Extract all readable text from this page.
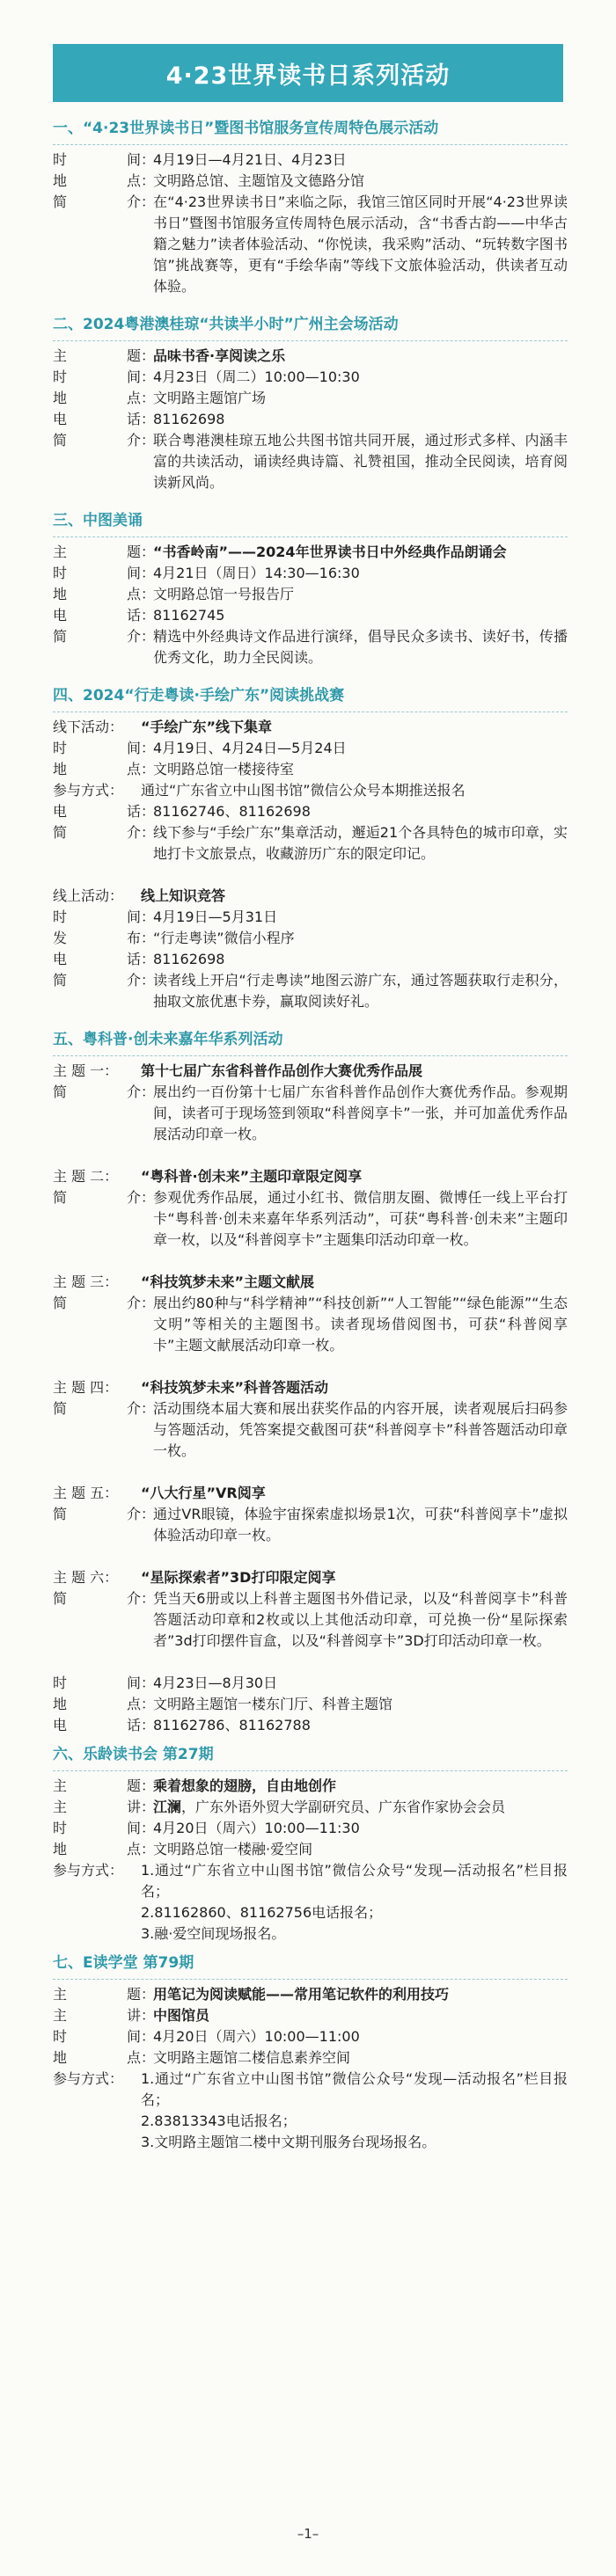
4·23世界读书日系列活动
一、“4·23世界读书日”暨图书馆服务宣传周特色展示活动
时	间 ：
4月19日—4月21日、4月23日
地	点 ：
文明路总馆、主题馆及文德路分馆
简	介 ：
在“4·23世界读书日”来临之际，我馆三馆区同时开展“4·23世界读书日”暨图书馆服务宣传周特色展示活动，含“书香古韵——中华古籍之魅力”读者体验活动、“你悦读，我采购”活动、“玩转数字图书馆”挑战赛等，更有“手绘华南”等线下文旅体验活动，供读者互动体验。
二、2024粤港澳桂琼“共读半小时”广州主会场活动
主	题 ：
品味书香·享阅读之乐
时	间 ：
4月23日（周二）10:00—10:30
地	点 ：
文明路主题馆广场
电	话 ：
81162698
简	介 ：
联合粤港澳桂琼五地公共图书馆共同开展，通过形式多样、内涵丰富的共读活动，诵读经典诗篇、礼赞祖国，推动全民阅读，培育阅读新风尚。
三、中图美诵
主	题 ：
“书香岭南”——2024年世界读书日中外经典作品朗诵会
时	间 ：
4月21日（周日）14:30—16:30
地	点 ：
文明路总馆一号报告厅
电	话 ：
81162745
简	介 ：
精选中外经典诗文作品进行演绎，倡导民众多读书、读好书，传播优秀文化，助力全民阅读。
四、2024“行走粤读·手绘广东”阅读挑战赛
线下活动：	“手绘广东”线下集章
时	间 ：
4月19日、4月24日—5月24日
地	点 ：
文明路总馆一楼接待室
参与方式：	通过“广东省立中山图书馆”微信公众号本期推送报名
电	话 ：
81162746、81162698
简	介 ：
线下参与“手绘广东”集章活动，邂逅21个各具特色的城市印章，实地打卡文旅景点，收藏游历广东的限定印记。
线上活动：	线上知识竞答
时	间 ：
4月19日—5月31日
发	布 ：
“行走粤读”微信小程序
电	话 ：
81162698
简	介 ：
读者线上开启“行走粤读”地图云游广东，通过答题获取行走积分，抽取文旅优惠卡券，赢取阅读好礼。
五、粤科普·创未来嘉年华系列活动
主 题 一：	第十七届广东省科普作品创作大赛优秀作品展
简	介 ：
展出约一百份第十七届广东省科普作品创作大赛优秀作品。参观期间，读者可于现场签到领取“科普阅享卡”一张，并可加盖优秀作品展活动印章一枚。
主 题 二：	“粤科普·创未来”主题印章限定阅享
简	介 ：
参观优秀作品展，通过小红书、微信朋友圈、微博任一线上平台打卡“粤科普·创未来嘉年华系列活动”，可获“粤科普·创未来”主题印章一枚，以及“科普阅享卡”主题集印活动印章一枚。
主 题 三：	“科技筑梦未来”主题文献展
简	介 ：
展出约80种与“科学精神”“科技创新”“人工智能”“绿色能源”“生态文明”等相关的主题图书。读者现场借阅图书，可获“科普阅享卡”主题文献展活动印章一枚。
主 题 四：	“科技筑梦未来”科普答题活动
简	介 ：
活动围绕本届大赛和展出获奖作品的内容开展，读者观展后扫码参与答题活动，凭答案提交截图可获“科普阅享卡”科普答题活动印章一枚。
主 题 五：	“八大行星”VR阅享
简	介 ：
通过VR眼镜，体验宇宙探索虚拟场景1次，可获“科普阅享卡”虚拟体验活动印章一枚。
主 题 六：	“星际探索者”3D打印限定阅享
简	介 ：
凭当天6册或以上科普主题图书外借记录，以及“科普阅享卡”科普答题活动印章和2枚或以上其他活动印章，可兑换一份“星际探索者”3d打印摆件盲盒，以及“科普阅享卡”3D打印活动印章一枚。
时	间 ：
4月23日—8月30日
地	点 ：
文明路主题馆一楼东门厅、科普主题馆
电	话 ：
81162786、81162788
六、乐龄读书会 第27期
主	题 ：
乘着想象的翅膀，自由地创作
主	讲 ：
江澜，广东外语外贸大学副研究员、广东省作家协会会员
时	间 ：
4月20日（周六）10:00—11:30
地	点 ：
文明路总馆一楼融·爱空间
参与方式：	1.通过“广东省立中山图书馆”微信公众号“发现—活动报名”栏目报名；
2.81162860、81162756电话报名；
3.融·爱空间现场报名。
七、E读学堂 第79期
主	题 ：
用笔记为阅读赋能——常用笔记软件的利用技巧
主	讲 ：
中图馆员
时	间 ：
4月20日（周六）10:00—11:00
地	点 ：
文明路主题馆二楼信息素养空间
参与方式：	1.通过“广东省立中山图书馆”微信公众号“发现—活动报名”栏目报名；
2.83813343电话报名；
3.文明路主题馆二楼中文期刊服务台现场报名。
–1–
